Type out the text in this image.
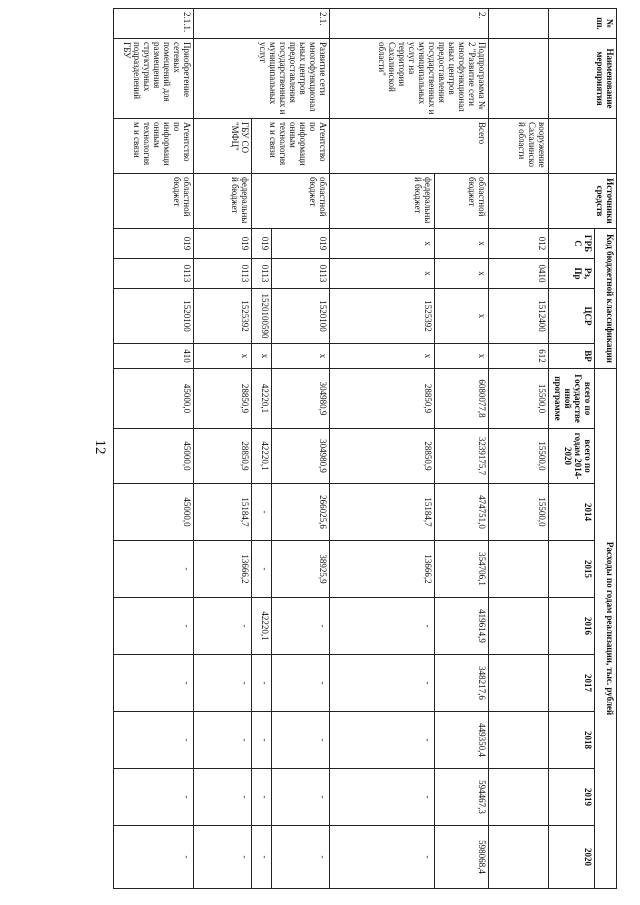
12
№ пп.	Наименование мероприятия		Источники средств	Код бюджетной классификации				Расходы по годам реализации, тыс. рублей								
				ГРБС	Рз, Пр	ЦСР	ВР	всего по Государственной программе	всего по годам 2014-2020	2014	2015	2016	2017	2018	2019	2020
		вооружение Сахалинской области		012	0410	1512400	612	15500,0	15500,0	15500,0						
2.	Подпрограмма № 2 "Развитие сети многофункциональных центров предоставления государственных и муниципальных услуг на территории Сахалинской области"	Всего	областной бюджет	x	x	x	x	6080077,8	3239175,7	474751,0	354706,1	419614,9	348217,6	449350,4	594467,3	598068,4
			федеральный бюджет	x	x	1525392	x	28850,9	28850,9	15184,7	13666,2	-	-	-	-	-
2.1.	Развитие сети многофункциональных центров предоставления государственных и муниципальных услуг	Агентство по информационным технологиям и связи	областной бюджет	019	0113	1520100	x	304980,9	304980,9	266025,6	38925,9	-	-	-	-	-
				019	0113	1520100590	x	42220,1	42220,1	-	-	42220,1	-	-	-	-
		ГБУ СО "МФЦ"	федеральный бюджет	019	0113	1525392	x	28850,9	28850,9	15184,7	13666,2	-	-	-	-	-
2.1.1.	Приобретение сетевых помещений для размещения структурных подразделений ГБУ	Агентство по информационным технологиям и связи	областной бюджет	019	0113	1520100	410	45000,0	45000,0	45000,0	-	-	-	-	-	-
